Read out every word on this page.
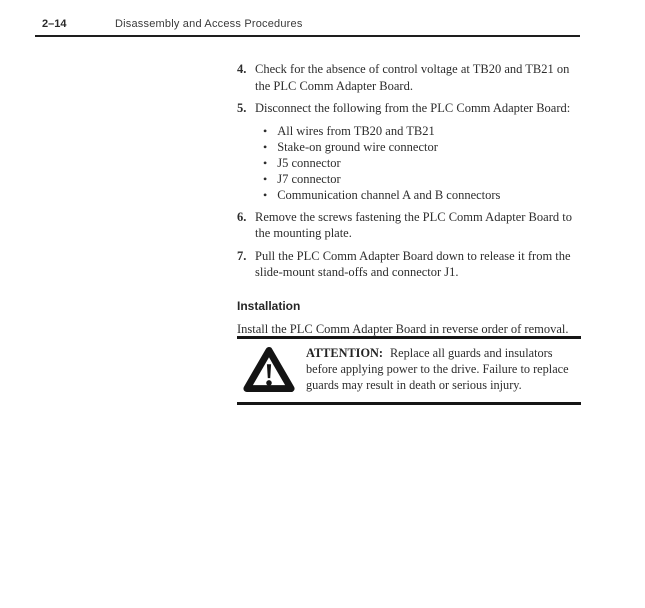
2–14	Disassembly and Access Procedures
4. Check for the absence of control voltage at TB20 and TB21 on the PLC Comm Adapter Board.
5. Disconnect the following from the PLC Comm Adapter Board:
• All wires from TB20 and TB21
• Stake-on ground wire connector
• J5 connector
• J7 connector
• Communication channel A and B connectors
6. Remove the screws fastening the PLC Comm Adapter Board to the mounting plate.
7. Pull the PLC Comm Adapter Board down to release it from the slide-mount stand-offs and connector J1.
Installation

Install the PLC Comm Adapter Board in reverse order of removal.

ATTENTION: Replace all guards and insulators before applying power to the drive. Failure to replace guards may result in death or serious injury.
